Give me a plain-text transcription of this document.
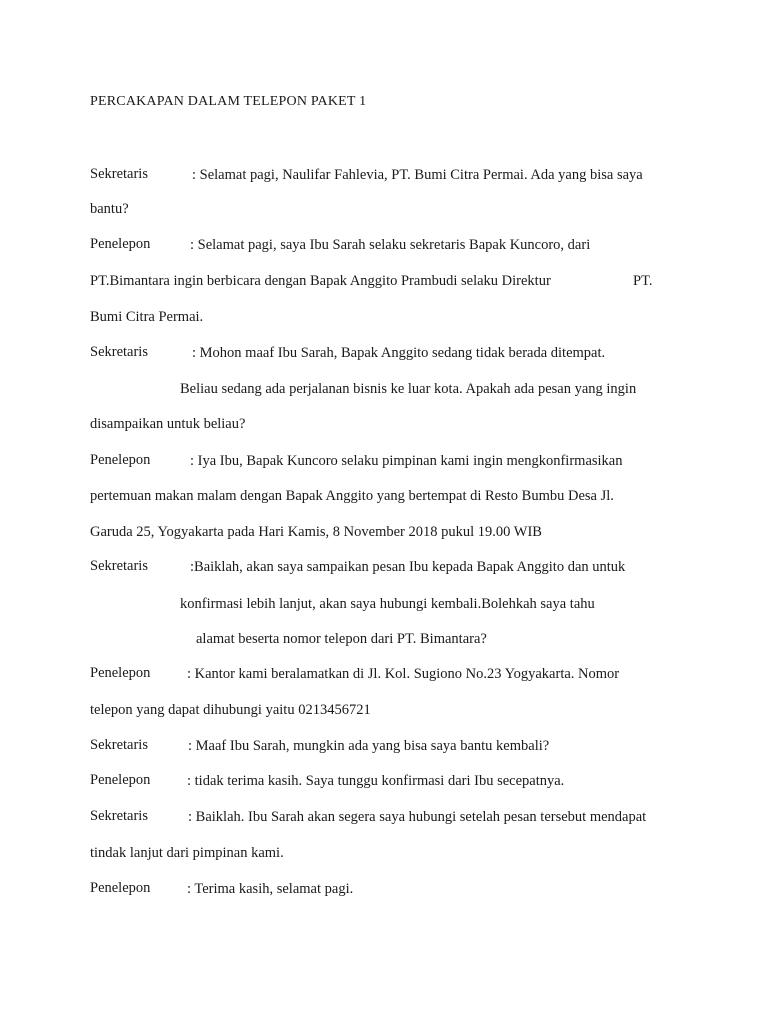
PERCAKAPAN DALAM TELEPON PAKET 1
Sekretaris	: Selamat pagi, Naulifar Fahlevia, PT. Bumi Citra Permai. Ada yang bisa saya
bantu?
Penelepon	: Selamat pagi, saya Ibu Sarah selaku sekretaris Bapak Kuncoro, dari
PT.Bimantara ingin berbicara dengan Bapak Anggito Prambudi selaku Direktur	PT.
Bumi Citra Permai.
Sekretaris	: Mohon maaf Ibu Sarah, Bapak Anggito sedang tidak berada ditempat.
Beliau sedang ada perjalanan bisnis ke luar kota. Apakah ada pesan yang ingin
disampaikan untuk beliau?
Penelepon	: Iya Ibu, Bapak Kuncoro selaku pimpinan kami ingin mengkonfirmasikan
pertemuan makan malam dengan Bapak Anggito yang bertempat di Resto Bumbu Desa Jl.
Garuda 25, Yogyakarta pada Hari Kamis, 8 November 2018 pukul 19.00 WIB
Sekretaris	:Baiklah, akan saya sampaikan pesan Ibu kepada Bapak Anggito dan untuk
konfirmasi lebih lanjut, akan saya hubungi kembali.Bolehkah saya tahu
alamat beserta nomor telepon dari PT. Bimantara?
Penelepon	: Kantor kami beralamatkan di Jl. Kol. Sugiono No.23 Yogyakarta. Nomor
telepon yang dapat dihubungi yaitu 0213456721
Sekretaris	: Maaf Ibu Sarah, mungkin ada yang bisa saya bantu kembali?
Penelepon	: tidak terima kasih. Saya tunggu konfirmasi dari Ibu secepatnya.
Sekretaris	: Baiklah. Ibu Sarah akan segera saya hubungi setelah pesan tersebut mendapat
tindak lanjut dari pimpinan kami.
Penelepon	: Terima kasih, selamat pagi.
